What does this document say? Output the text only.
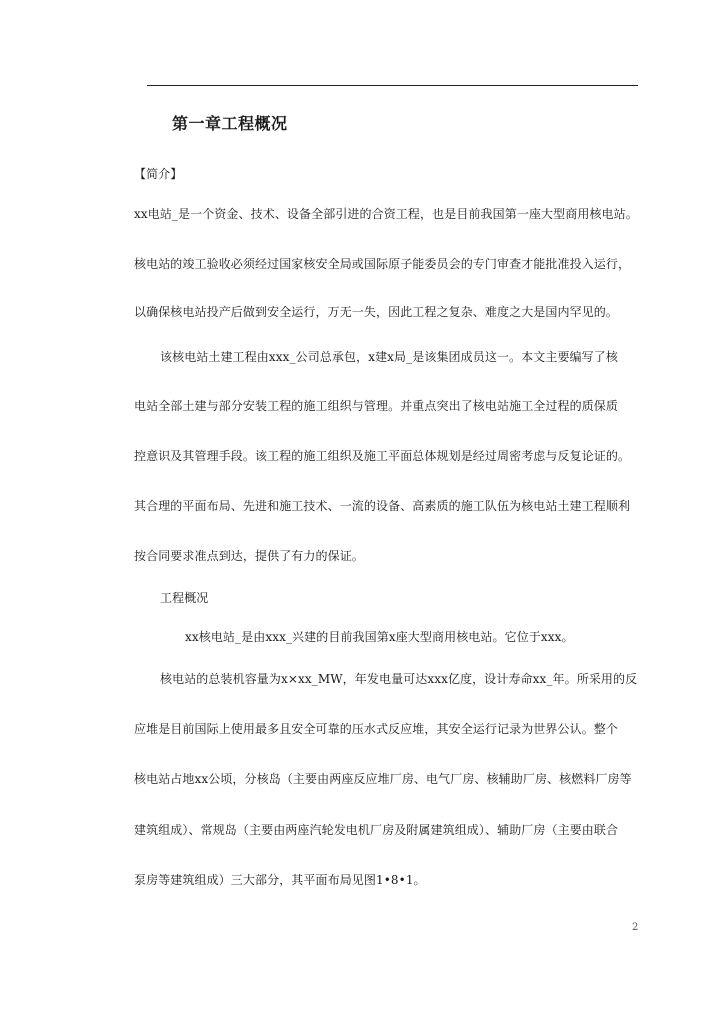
第一章工程概况
【简介】
xx电站_是一个资金、技术、设备全部引进的合资工程，也是目前我国第一座大型商用核电站。
核电站的竣工验收必须经过国家核安全局或国际原子能委员会的专门审查才能批准投入运行，
以确保核电站投产后做到安全运行，万无一失，因此工程之复杂、难度之大是国内罕见的。
该核电站土建工程由xxx_公司总承包，x建x局_是该集团成员这一。本文主要编写了核
电站全部土建与部分安装工程的施工组织与管理。并重点突出了核电站施工全过程的质保质
控意识及其管理手段。该工程的施工组织及施工平面总体规划是经过周密考虑与反复论证的。
其合理的平面布局、先进和施工技术、一流的设备、高素质的施工队伍为核电站土建工程顺利
按合同要求准点到达，提供了有力的保证。
工程概况
xx核电站_是由xxx_兴建的目前我国第x座大型商用核电站。它位于xxx。
核电站的总装机容量为x×xx_MW，年发电量可达xxx亿度，设计寿命xx_年。所采用的反
应堆是目前国际上使用最多且安全可靠的压水式反应堆，其安全运行记录为世界公认。整个
核电站占地xx公顷，分核岛（主要由两座反应堆厂房、电气厂房、核辅助厂房、核燃料厂房等
建筑组成）、常规岛（主要由两座汽轮发电机厂房及附属建筑组成）、辅助厂房（主要由联合
泵房等建筑组成）三大部分，其平面布局见图1•8•1。
2
